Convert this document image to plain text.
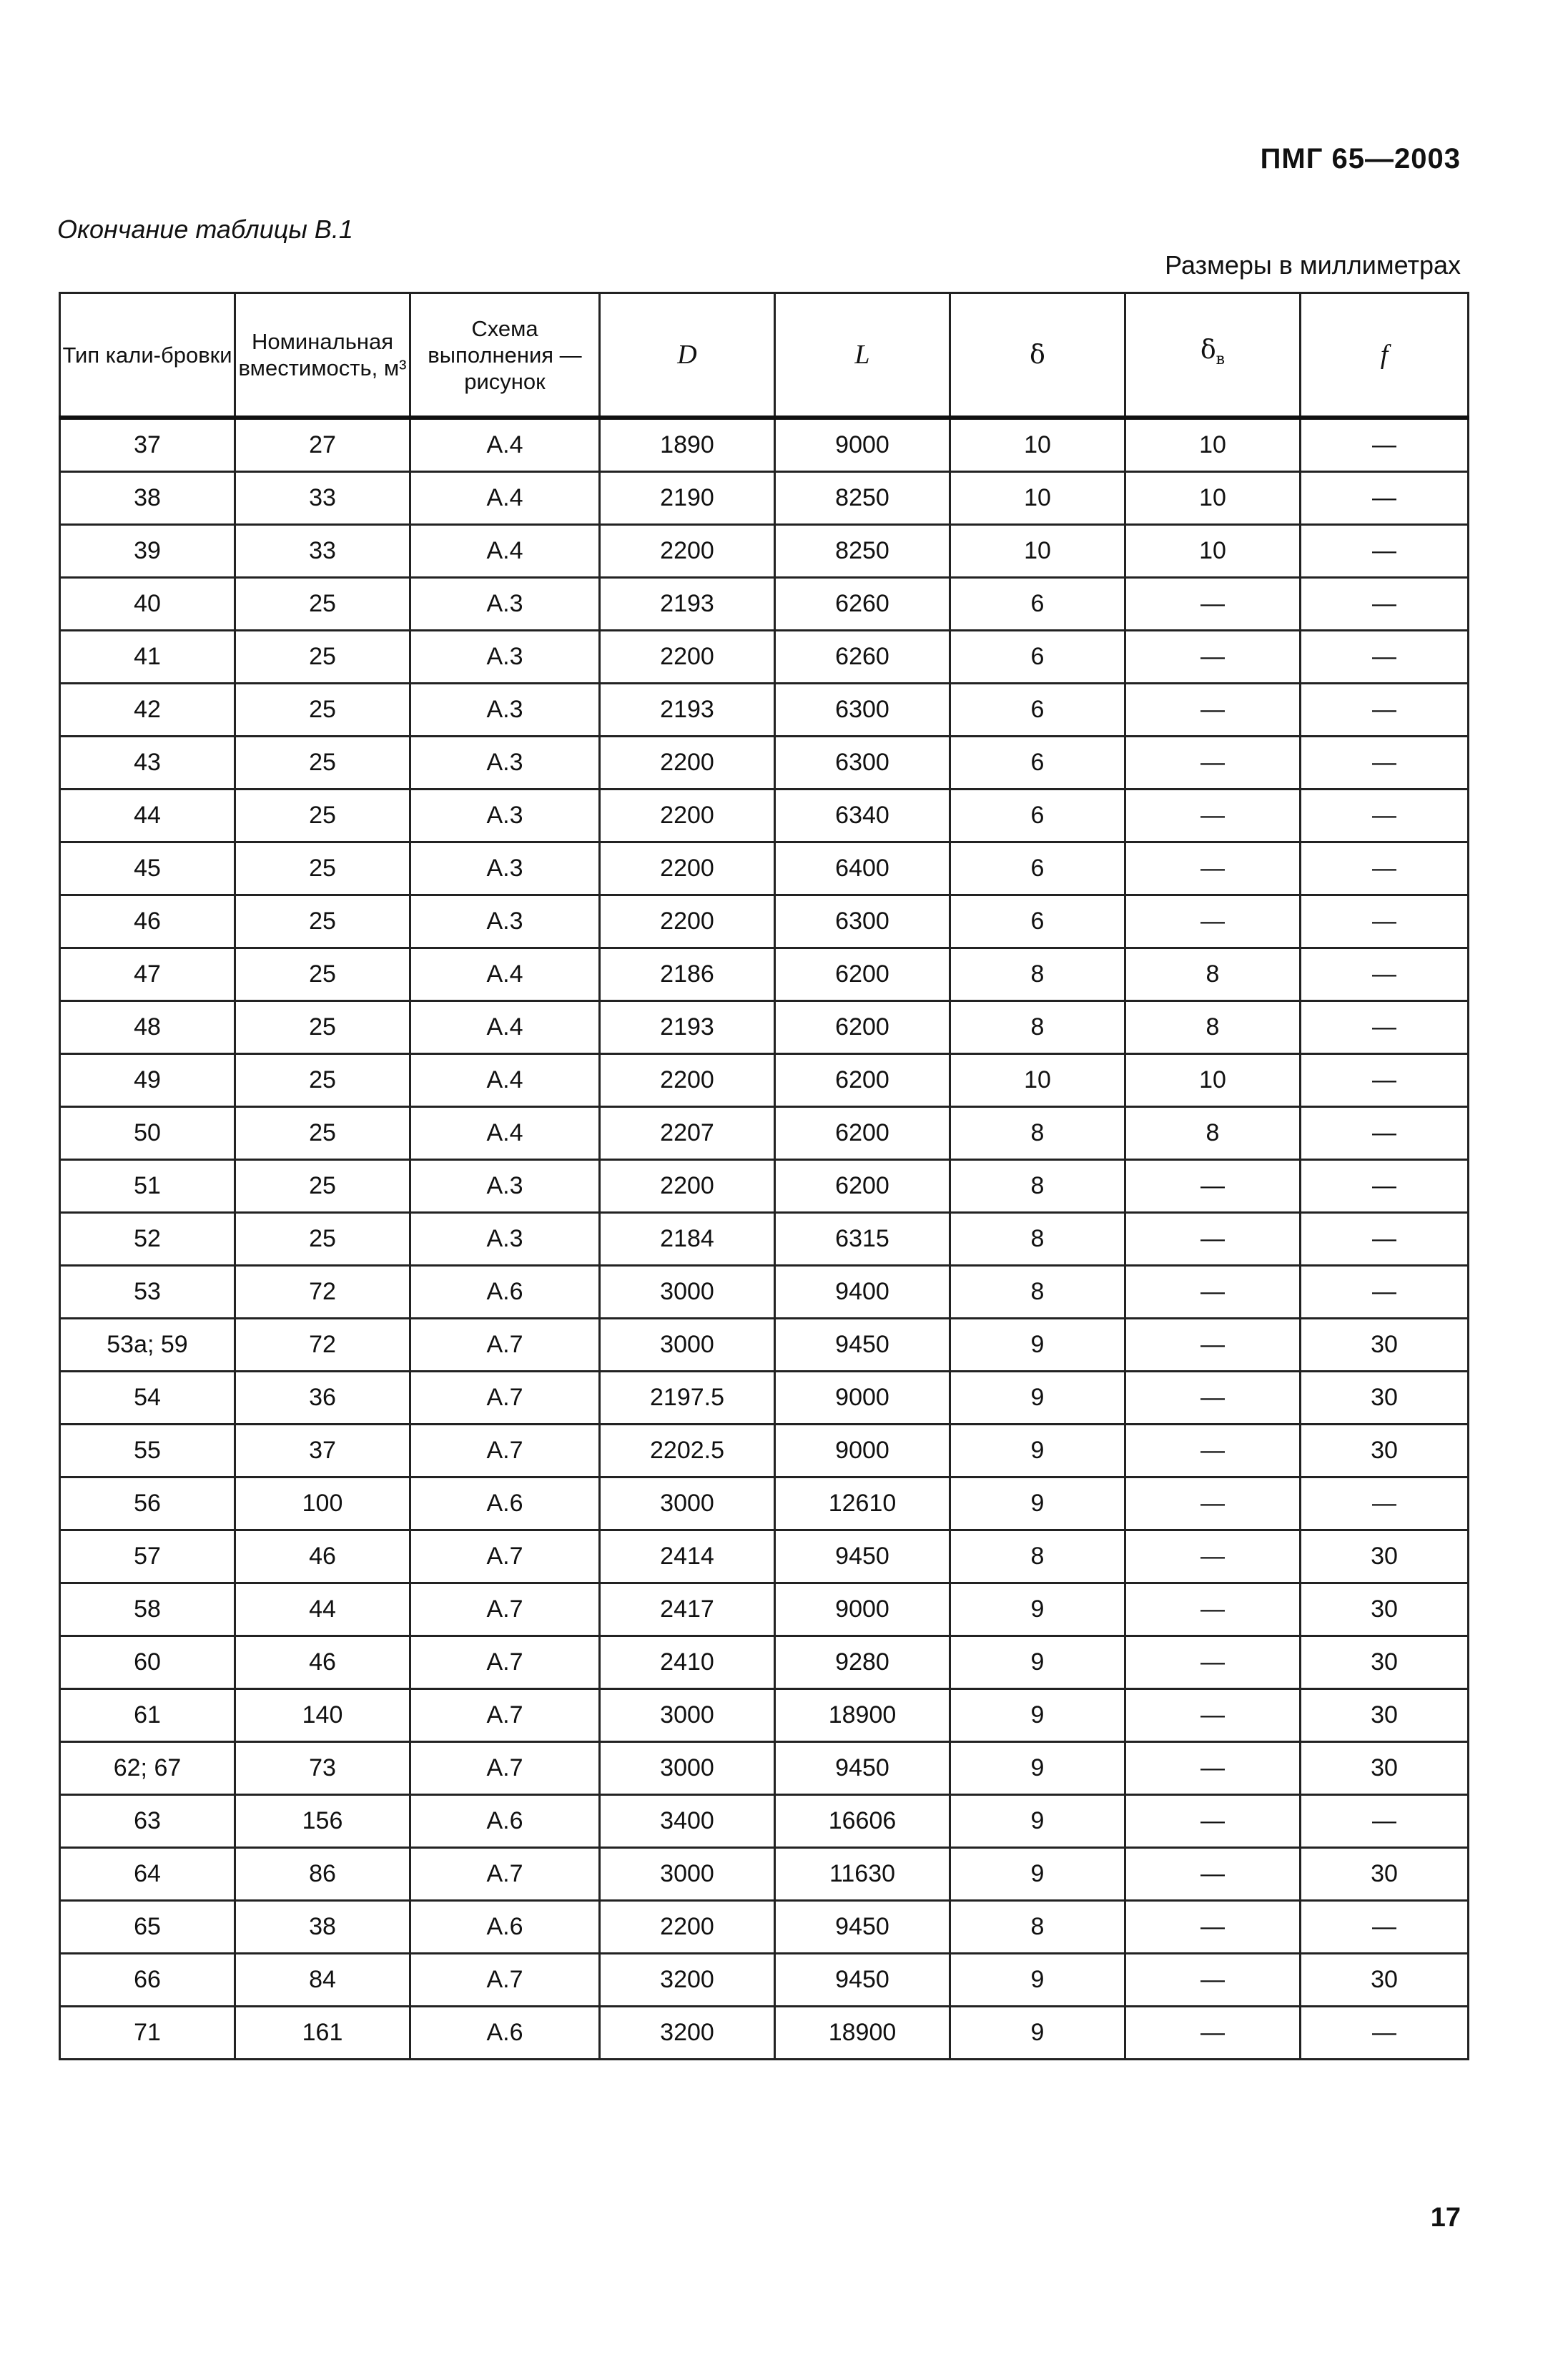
ПМГ 65—2003
Окончание таблицы В.1
Размеры в миллиметрах
Тип кали-бровки	Номинальная вместимость, м³	Схема выполнения — рисунок	D	L	δ	$\delta_в$	f
37	27	А.4	1890	9000	10	10	—
38	33	А.4	2190	8250	10	10	—
39	33	А.4	2200	8250	10	10	—
40	25	А.3	2193	6260	6	—	—
41	25	А.3	2200	6260	6	—	—
42	25	А.3	2193	6300	6	—	—
43	25	А.3	2200	6300	6	—	—
44	25	А.3	2200	6340	6	—	—
45	25	А.3	2200	6400	6	—	—
46	25	А.3	2200	6300	6	—	—
47	25	А.4	2186	6200	8	8	—
48	25	А.4	2193	6200	8	8	—
49	25	А.4	2200	6200	10	10	—
50	25	А.4	2207	6200	8	8	—
51	25	А.3	2200	6200	8	—	—
52	25	А.3	2184	6315	8	—	—
53	72	А.6	3000	9400	8	—	—
53а; 59	72	А.7	3000	9450	9	—	30
54	36	А.7	2197.5	9000	9	—	30
55	37	А.7	2202.5	9000	9	—	30
56	100	А.6	3000	12610	9	—	—
57	46	А.7	2414	9450	8	—	30
58	44	А.7	2417	9000	9	—	30
60	46	А.7	2410	9280	9	—	30
61	140	А.7	3000	18900	9	—	30
62; 67	73	А.7	3000	9450	9	—	30
63	156	А.6	3400	16606	9	—	—
64	86	А.7	3000	11630	9	—	30
65	38	А.6	2200	9450	8	—	—
66	84	А.7	3200	9450	9	—	30
71	161	А.6	3200	18900	9	—	—
17
